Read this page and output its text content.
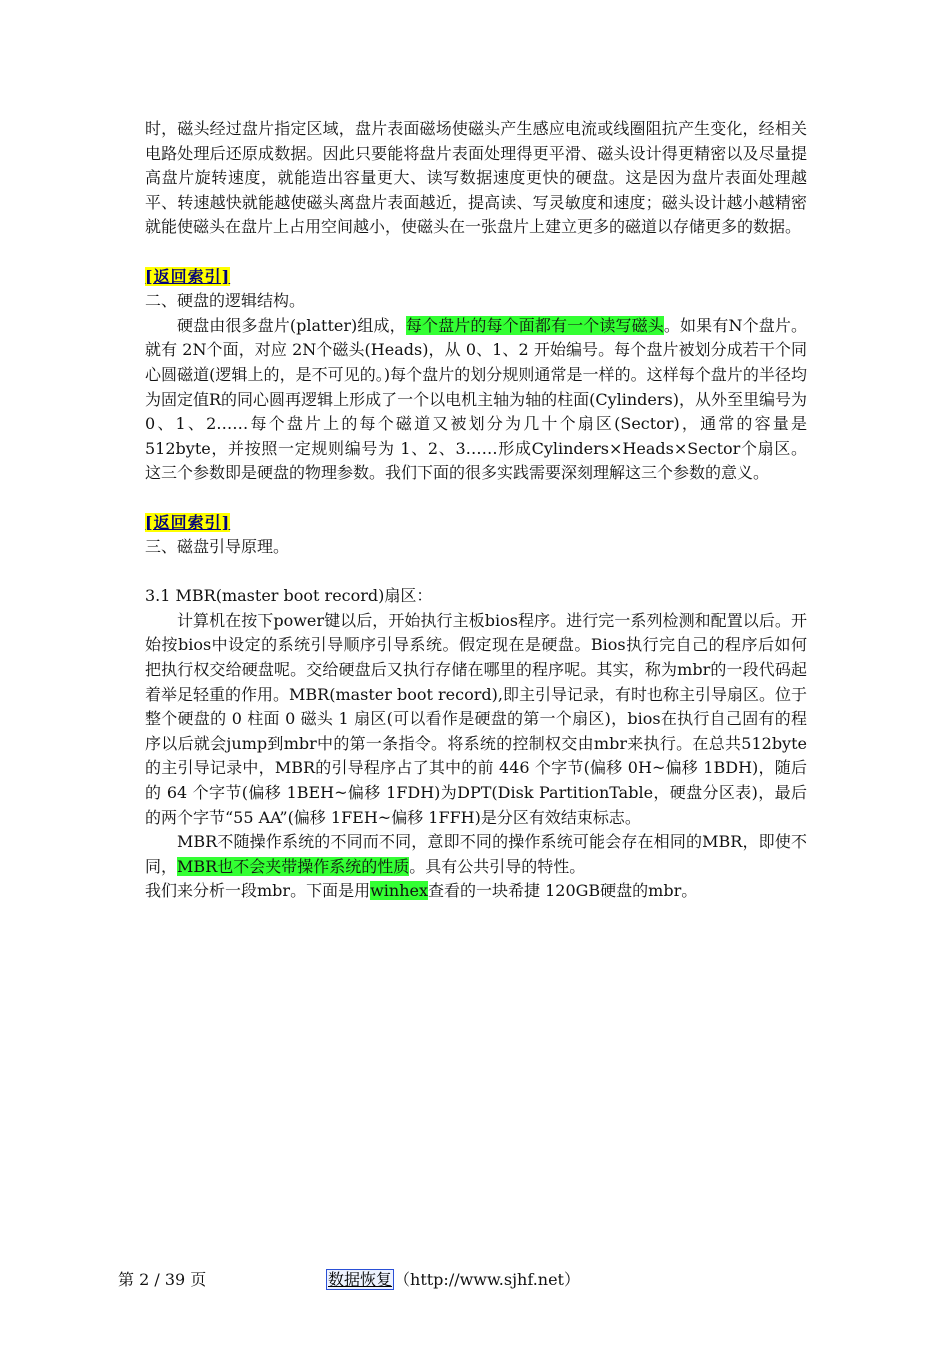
时，磁头经过盘片指定区域，盘片表面磁场使磁头产生感应电流或线圈阻抗产生变化，经相关电路处理后还原成数据。因此只要能将盘片表面处理得更平滑、磁头设计得更精密以及尽量提高盘片旋转速度，就能造出容量更大、读写数据速度更快的硬盘。这是因为盘片表面处理越平、转速越快就能越使磁头离盘片表面越近，提高读、写灵敏度和速度；磁头设计越小越精密就能使磁头在盘片上占用空间越小，使磁头在一张盘片上建立更多的磁道以存储更多的数据。

[返回索引]

二、硬盘的逻辑结构。

硬盘由很多盘片(platter)组成，每个盘片的每个面都有一个读写磁头。如果有N个盘片。就有 2N个面，对应 2N个磁头(Heads)，从 0、1、2 开始编号。每个盘片被划分成若干个同心圆磁道(逻辑上的，是不可见的。)每个盘片的划分规则通常是一样的。这样每个盘片的半径均为固定值R的同心圆再逻辑上形成了一个以电机主轴为轴的柱面(Cylinders)，从外至里编号为 0、1、2……每个盘片上的每个磁道又被划分为几十个扇区(Sector)，通常的容量是 512byte，并按照一定规则编号为 1、2、3……形成Cylinders×Heads×Sector个扇区。这三个参数即是硬盘的物理参数。我们下面的很多实践需要深刻理解这三个参数的意义。

[返回索引]

三、磁盘引导原理。

3.1 MBR(master boot record)扇区：

计算机在按下power键以后，开始执行主板bios程序。进行完一系列检测和配置以后。开始按bios中设定的系统引导顺序引导系统。假定现在是硬盘。Bios执行完自己的程序后如何 把执行权交给硬盘呢。交给硬盘后又执行存储在哪里的程序呢。其实，称为mbr的一段代码起着举足轻重的作用。MBR(master boot record),即主引导记录，有时也称主引导扇区。位于整个硬盘的 0 柱面 0 磁头 1 扇区(可以看作是硬盘的第一个扇区)，bios在执行自己固有的程序以后就会jump到mbr中的第一条指令。将系统的控制权交由mbr来执行。在总共512byte的主引导记录中，MBR的引导程序占了其中的前 446 个字节(偏移 0H~偏移 1BDH)，随后的 64 个字节(偏移 1BEH~偏移 1FDH)为DPT(Disk PartitionTable，硬盘分区表)，最后的两个字节“55 AA”(偏移 1FEH~偏移 1FFH)是分区有效结束标志。

MBR不随操作系统的不同而不同，意即不同的操作系统可能会存在相同的MBR，即使不同，MBR也不会夹带操作系统的性质。具有公共引导的特性。

我们来分析一段mbr。下面是用winhex查看的一块希捷 120GB硬盘的mbr。

第 2 / 39 页	数据恢复 （http://www.sjhf.net）
